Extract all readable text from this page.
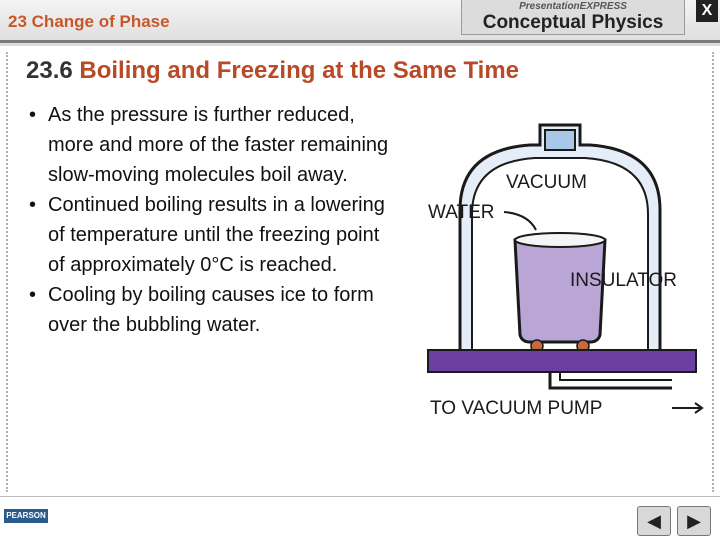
23 Change of Phase
PresentationEXPRESS
Conceptual Physics
X
23.6 Boiling and Freezing at the Same Time
• As the pressure is further reduced, more and more of the faster remaining slow-moving molecules boil away.
• Continued boiling results in a lowering of temperature until the freezing point of approximately 0°C is reached.
• Cooling by boiling causes ice to form over the bubbling water.
VACUUM
WATER
INSULATOR
TO VACUUM PUMP
PEARSON	◀	▶
